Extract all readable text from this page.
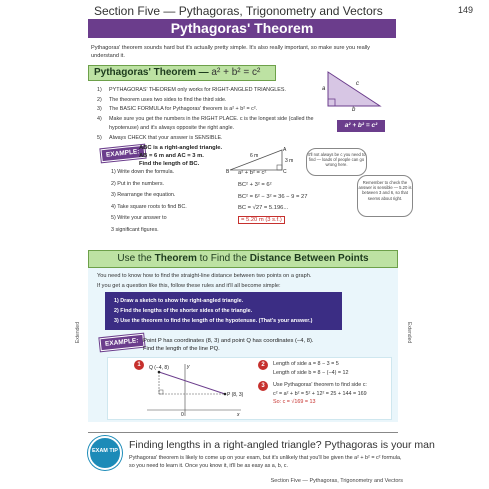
Section Five — Pythagoras, Trigonometry and Vectors	149
Pythagoras' Theorem
Pythagoras' theorem sounds hard but it's actually pretty simple. It's also really important, so make sure you really understand it.
Pythagoras' Theorem — a² + b² = c²
a
b
c
a² + b² = c²
1) PYTHAGORAS' THEOREM only works for RIGHT-ANGLED TRIANGLES.
2) The theorem uses two sides to find the third side.
3) The BASIC FORMULA for Pythagoras' theorem is a² + b² = c².
4) Make sure you get the numbers in the RIGHT PLACE. c is the longest side (called the hypotenuse) and it's always opposite the right angle.
5) Always CHECK that your answer is SENSIBLE.
EXAMPLE:
ABC is a right-angled triangle.
AB = 6 m and AC = 3 m.
Find the length of BC.
B
A
C
6 m
3 m
1) Write down the formula.
2) Put in the numbers.
3) Rearrange the equation.
4) Take square roots to find BC.
5) Write your answer to
3 significant figures.
a² + b² = c²
BC² + 3² = 6²
BC² = 6² − 3² = 36 − 9 = 27
BC = √27 = 5.196...
= 5.20 m (3 s.f.)
It'll not always be c you need to find — loads of people can go wrong here.
Remember to check the answer is sensible — 5.20 is between 3 and 6, so that seems about right.
Use the Theorem to Find the Distance Between Points
You need to know how to find the straight-line distance between two points on a graph.
If you get a question like this, follow these rules and it'll all become simple:
1) Draw a sketch to show the right-angled triangle.
2) Find the lengths of the shorter sides of the triangle.
3) Use the theorem to find the length of the hypotenuse. (That's your answer.)
Extended	Extended
EXAMPLE: Point P has coordinates (8, 3) and point Q has coordinates (−4, 8).
Find the length of the line PQ.
1	2
3
Q (−4, 8)
P (8, 3)
y
x
0
Length of side a = 8 − 3 = 5
Length of side b = 8 − (−4) = 12
Use Pythagoras' theorem to find side c:
c² = a² + b² = 5² + 12² = 25 + 144 = 169
So: c = √169 = 13
EXAM TIP	Finding lengths in a right-angled triangle? Pythagoras is your man
Pythagoras' theorem is likely to come up on your exam, but it's unlikely that you'll be given the a² + b² = c² formula, so you need to learn it. Once you know it, it'll be as easy as a, b, c.
Section Five — Pythagoras, Trigonometry and Vectors
